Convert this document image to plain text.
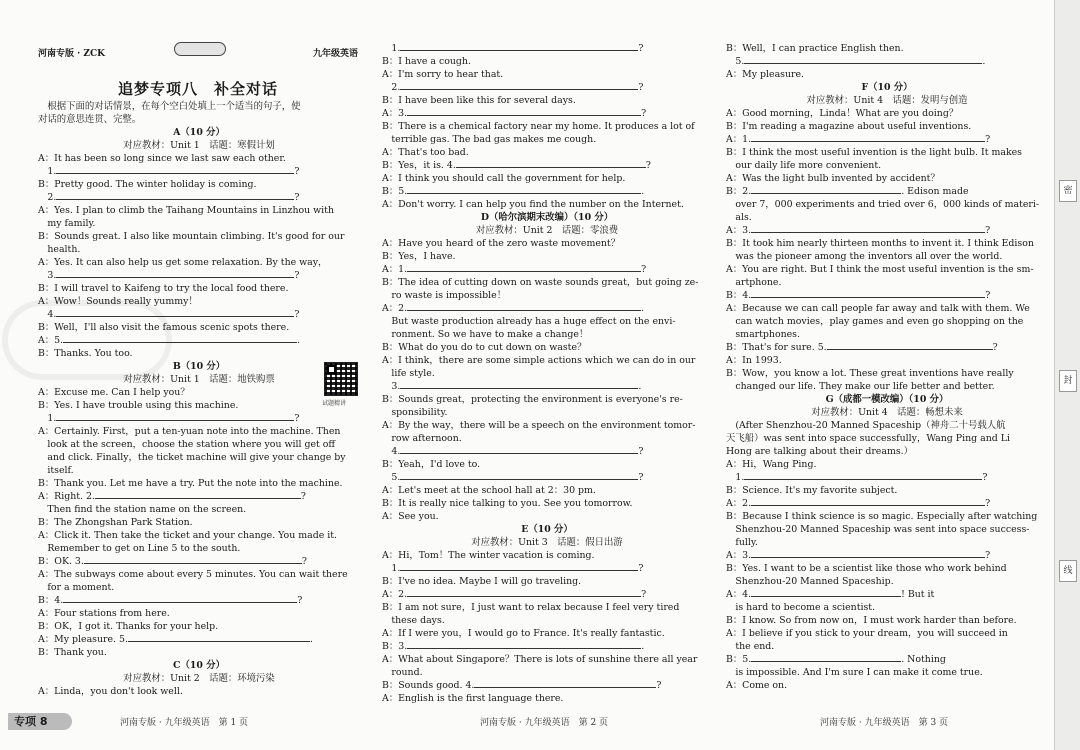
河南专版 · ZCK	九年级英语
追梦专项八　补全对话
　根据下面的对话情景，在每个空白处填上一个适当的句子，使
对话的意思连贯、完整。
A（10 分）
对应教材：Unit 1　话题：寒假计划
A：It has been so long since we last saw each other.
　1.	?
B：Pretty good. The winter holiday is coming.
　2.	?
A：Yes. I plan to climb the Taihang Mountains in Linzhou with
　my family.
B：Sounds great. I also like mountain climbing. It's good for our
　health.
A：Yes. It can also help us get some relaxation. By the way，
　3.	?
B：I will travel to Kaifeng to try the local food there.
A：Wow！Sounds really yummy！
　4.	?
B：Well，I'll also visit the famous scenic spots there.
A：5.	.
B：Thanks. You too.
B（10 分）
对应教材：Unit 1　话题：地铁购票
A：Excuse me. Can I help you？
B：Yes. I have trouble using this machine.
　1.	?
A：Certainly. First，put a ten-yuan note into the machine. Then
　look at the screen，choose the station where you will get off
　and click. Finally，the ticket machine will give your change by
　itself.
B：Thank you. Let me have a try. Put the note into the machine.
A：Right. 2.	?
　Then find the station name on the screen.
B：The Zhongshan Park Station.
A：Click it. Then take the ticket and your change. You made it.
　Remember to get on Line 5 to the south.
B：OK. 3.	?
A：The subways come about every 5 minutes. You can wait there
　for a moment.
B：4.	?
A：Four stations from here.
B：OK，I got it. Thanks for your help.
A：My pleasure. 5.	.
B：Thank you.
C（10 分）
对应教材：Unit 2　话题：环境污染
A：Linda，you don't look well.
试题精讲
专项 8	河南专版 · 九年级英语　第 1 页
　1.	?
B：I have a cough.
A：I'm sorry to hear that.
　2.	?
B：I have been like this for several days.
A：3.	?
B：There is a chemical factory near my home. It produces a lot of
　terrible gas. The bad gas makes me cough.
A：That's too bad.
B：Yes，it is. 4.	?
A：I think you should call the government for help.
B：5.	.
A：Don't worry. I can help you find the number on the Internet.
D（哈尔滨期末改编）（10 分）
对应教材：Unit 2　话题：零浪费
A：Have you heard of the zero waste movement？
B：Yes，I have.
A：1.	?
B：The idea of cutting down on waste sounds great，but going ze-
　ro waste is impossible！
A：2.	.
　But waste production already has a huge effect on the envi-
　ronment. So we have to make a change！
B：What do you do to cut down on waste？
A：I think，there are some simple actions which we can do in our
　life style.
　3.	.
B：Sounds great，protecting the environment is everyone's re-
　sponsibility.
A：By the way，there will be a speech on the environment tomor-
　row afternoon.
　4.	?
B：Yeah，I'd love to.
　5.	?
A：Let's meet at the school hall at 2：30 pm.
B：It is really nice talking to you. See you tomorrow.
A：See you.
E（10 分）
对应教材：Unit 3　话题：假日出游
A：Hi，Tom！The winter vacation is coming.
　1.	?
B：I've no idea. Maybe I will go traveling.
A：2.	?
B：I am not sure，I just want to relax because I feel very tired
　these days.
A：If I were you，I would go to France. It's really fantastic.
B：3.	.
A：What about Singapore？There is lots of sunshine there all year
　round.
B：Sounds good. 4.	?
A：English is the first language there.
河南专版 · 九年级英语　第 2 页
B：Well，I can practice English then.
　5.	.
A：My pleasure.
F（10 分）
对应教材：Unit 4　话题：发明与创造
A：Good morning，Linda！What are you doing？
B：I'm reading a magazine about useful inventions.
A：1.	?
B：I think the most useful invention is the light bulb. It makes
　our daily life more convenient.
A：Was the light bulb invented by accident？
B：2.	. Edison made
　over 7，000 experiments and tried over 6，000 kinds of materi-
　als.
A：3.	?
B：It took him nearly thirteen months to invent it. I think Edison
　was the pioneer among the inventors all over the world.
A：You are right. But I think the most useful invention is the sm-
　artphone.
B：4.	?
A：Because we can call people far away and talk with them. We
　can watch movies，play games and even go shopping on the
　smartphones.
B：That's for sure. 5.	?
A：In 1993.
B：Wow，you know a lot. These great inventions have really
　changed our life. They make our life better and better.
G（成都一模改编）（10 分）
对应教材：Unit 4　话题：畅想未来
　(After Shenzhou-20 Manned Spaceship（神舟二十号载人航
天飞船）was sent into space successfully，Wang Ping and Li
Hong are talking about their dreams.）
A：Hi，Wang Ping.
　1.	?
B：Science. It's my favorite subject.
A：2.	?
B：Because I think science is so magic. Especially after watching
　Shenzhou-20 Manned Spaceship was sent into space success-
　fully.
A：3.	?
B：Yes. I want to be a scientist like those who work behind
　Shenzhou-20 Manned Spaceship.
A：4.	! But it
　is hard to become a scientist.
B：I know. So from now on，I must work harder than before.
A：I believe if you stick to your dream，you will succeed in
　the end.
B：5.	. Nothing
　is impossible. And I'm sure I can make it come true.
A：Come on.
河南专版 · 九年级英语　第 3 页
密
封
线
